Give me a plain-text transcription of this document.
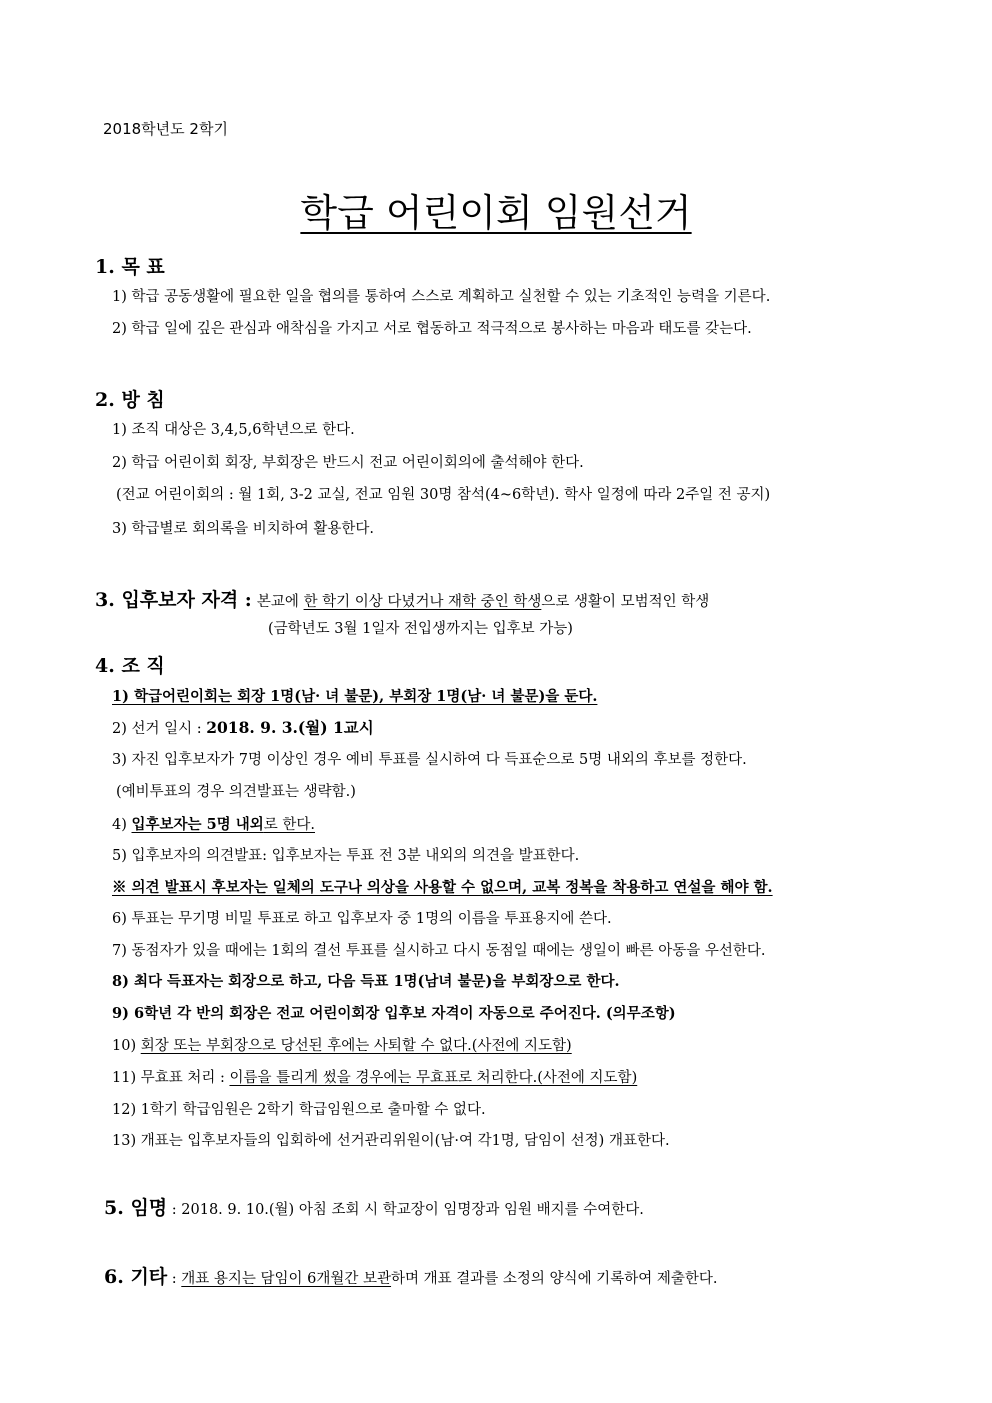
2018학년도 2학기
학급 어린이회 임원선거
1. 목 표
1) 학급 공동생활에 필요한 일을 협의를 통하여 스스로 계획하고 실천할 수 있는 기초적인 능력을 기른다.
2) 학급 일에 깊은 관심과 애착심을 가지고 서로 협동하고 적극적으로 봉사하는 마음과 태도를 갖는다.
2. 방 침
1) 조직 대상은 3,4,5,6학년으로 한다.
2) 학급 어린이회 회장, 부회장은 반드시 전교 어린이회의에 출석해야 한다.
(전교 어린이회의 : 월 1회, 3-2 교실, 전교 임원 30명 참석(4~6학년). 학사 일정에 따라 2주일 전 공지)
3) 학급별로 회의록을 비치하여 활용한다.
3. 입후보자 자격 : 본교에 한 학기 이상 다녔거나 재학 중인 학생으로 생활이 모범적인 학생
(금학년도 3월 1일자 전입생까지는 입후보 가능)
4. 조 직
1) 학급어린이회는 회장 1명(남· 녀 불문), 부회장 1명(남· 녀 불문)을 둔다.
2) 선거 일시 : 2018. 9. 3.(월) 1교시
3) 자진 입후보자가 7명 이상인 경우 예비 투표를 실시하여 다 득표순으로 5명 내외의 후보를 정한다.
(예비투표의 경우 의견발표는 생략함.)
4) 입후보자는 5명 내외로 한다.
5) 입후보자의 의견발표: 입후보자는 투표 전 3분 내외의 의견을 발표한다.
※ 의견 발표시 후보자는 일체의 도구나 의상을 사용할 수 없으며, 교복 정복을 착용하고 연설을 해야 함.
6) 투표는 무기명 비밀 투표로 하고 입후보자 중 1명의 이름을 투표용지에 쓴다.
7) 동점자가 있을 때에는 1회의 결선 투표를 실시하고 다시 동점일 때에는 생일이 빠른 아동을 우선한다.
8) 최다 득표자는 회장으로 하고, 다음 득표 1명(남녀 불문)을 부회장으로 한다.
9) 6학년 각 반의 회장은 전교 어린이회장 입후보 자격이 자동으로 주어진다. (의무조항)
10) 회장 또는 부회장으로 당선된 후에는 사퇴할 수 없다.(사전에 지도함)
11) 무효표 처리 : 이름을 틀리게 썼을 경우에는 무효표로 처리한다.(사전에 지도함)
12) 1학기 학급임원은 2학기 학급임원으로 출마할 수 없다.
13) 개표는 입후보자들의 입회하에 선거관리위원이(남·여 각1명, 담임이 선정) 개표한다.
5. 임명 : 2018. 9. 10.(월) 아침 조회 시 학교장이 임명장과 임원 배지를 수여한다.
6. 기타 : 개표 용지는 담임이 6개월간 보관하며 개표 결과를 소정의 양식에 기록하여 제출한다.
